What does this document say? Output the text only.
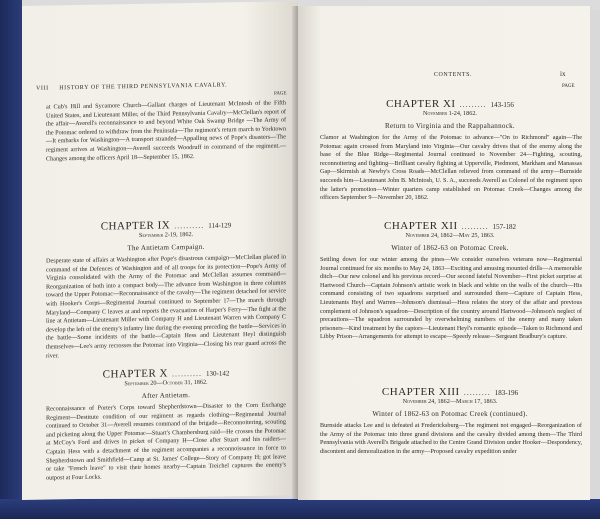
VIII HISTORY OF THE THIRD PENNSYLVANIA CAVALRY.
PAGE
at Cub's Hill and Sycamore Church—Gallant charges of Lieutenant McIntosh of the Fifth United States, and Lieutenant Miller, of the Third Pennsylvania Cavalry—McClellan's report of the affair—Averell's reconnaissance to and beyond White Oak Swamp Bridge —The Army of the Potomac ordered to withdraw from the Peninsula—The regiment's return march to Yorktown—It embarks for Washington—A transport stranded—Appalling news of Pope's disasters—The regiment arrives at Washington—Averell succeeds Woodruff in command of the regiment.—Changes among the officers April 18—September 15, 1862.
CHAPTER IX .......... 114-129
September 2-19, 1862.
The Antietam Campaign.
Desperate state of affairs at Washington after Pope's disastrous campaign—McClellan placed in command of the Defences of Washington and of all troops for its protection—Pope's Army of Virginia consolidated with the Army of the Potomac and McClellan assumes command—Reorganization of both into a compact body—The advance from Washington in three columns toward the Upper Potomac—Reconnaissance of the cavalry—The regiment detached for service with Hooker's Corps—Regimental Journal continued to September 17—The march through Maryland—Company C leaves at and reports the evacuation of Harper's Ferry—The fight at the line at Antietam—Lieutenant Miller with Company H and Lieutenant Warren with Company C develop the left of the enemy's infantry line during the evening preceding the battle—Services in the battle—Some incidents of the battle—Captain Hess and Lieutenant Heyl distinguish themselves—Lee's army recrosses the Potomac into Virginia—Closing his rear guard across the river.
CHAPTER X .......... 130-142
September 20—October 31, 1862.
After Antietam.
Reconnaissance of Porter's Corps toward Shepherdstown—Disaster to the Corn Exchange Regiment—Destitute condition of our regiment as regards clothing—Regimental Journal continued to October 31—Averell resumes command of the brigade—Reconnoitering, scouting and picketing along the Upper Potomac—Stuart's Chambersburg raid—He crosses the Potomac at McCoy's Ford and drives in picket of Company H—Close after Stuart and his raiders—Captain Hess with a detachment of the regiment accompanies a reconnoissance in force to Shepherdstown and Smithfield—Camp at St. James' College—Story of Company H; got leave or take "French leave" to visit their homes nearby—Captain Treichel captures the enemy's outpost at Four Locks.
CONTENTS.	ix
PAGE
CHAPTER XI ......... 143-156
November 1-24, 1862.
Return to Virginia and the Rappahannock.
Clamor at Washington for the Army of the Potomac to advance—"On to Richmond" again—The Potomac again crossed from Maryland into Virginia—Our cavalry drives that of the enemy along the base of the Blue Ridge—Regimental Journal continued to November 24—Fighting, scouting, reconnoitering and fighting—Brilliant cavalry fighting at Upperville, Piedmont, Markham and Manassas Gap—Skirmish at Newby's Cross Roads—McClellan relieved from command of the army—Burnside succeeds him—Lieutenant John B. McIntosh, U. S. A., succeeds Averell as Colonel of the regiment upon the latter's promotion—Winter quarters camp established on Potomac Creek—Changes among the officers September 9—November 20, 1862.
CHAPTER XII ......... 157-182
November 24, 1862—May 25, 1863.
Winter of 1862-63 on Potomac Creek.
Settling down for our winter among the pines—We consider ourselves veterans now—Regimental Journal continued for six months to May 24, 1863—Exciting and amusing mounted drills—A memorable ditch—Our new colonel and his previous record—Our second fateful November—First picket surprise at Hartwood Church—Captain Johnson's artistic work in black and white on the walls of the church—His command consisting of two squadrons surprised and surrounded there—Capture of Captain Hess, Lieutenants Heyl and Warren—Johnson's dismissal—Hess relates the story of the affair and previous complement of Johnson's squadron—Description of the country around Hartwood—Johnson's neglect of precautions—The squadron surrounded by overwhelming numbers of the enemy and many taken prisoners—Kind treatment by the captors—Lieutenant Heyl's romantic episode—Taken to Richmond and Libby Prison—Arrangements for attempt to escape—Speedy release—Sergeant Bradbury's capture.
CHAPTER XIII ......... 183-196
November 24, 1862—March 17, 1863.
Winter of 1862-63 on Potomac Creek (continued).
Burnside attacks Lee and is defeated at Fredericksburg—The regiment not engaged—Reorganization of the Army of the Potomac into three grand divisions and the cavalry divided among them—The Third Pennsylvania with Averell's Brigade attached to the Centre Grand Division under Hooker—Despondency, discontent and demoralization in the army—Proposed cavalry expedition under
